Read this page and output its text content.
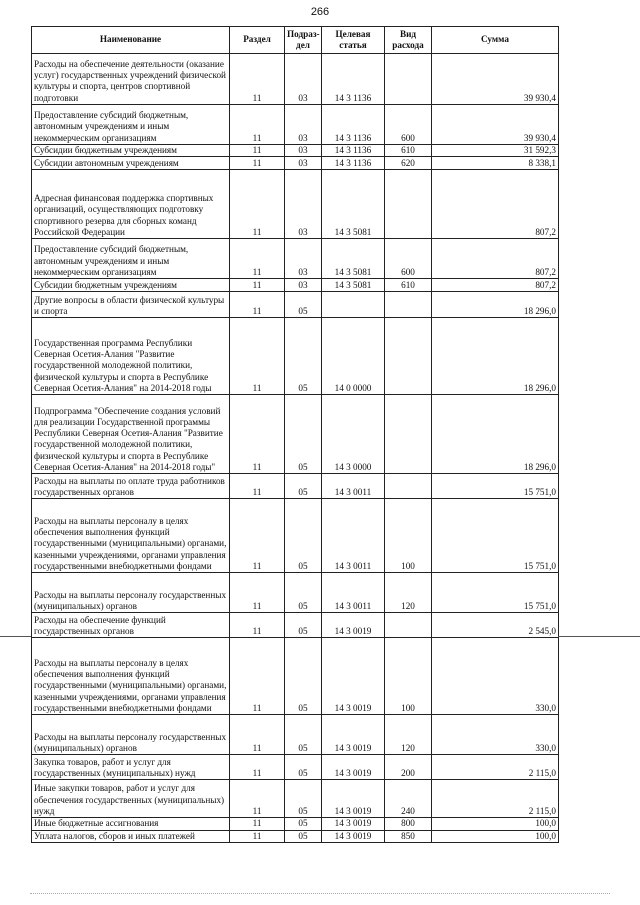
266
Наименование	Раздел	Подраз-дел	Целевая статья	Вид расхода	Сумма
Расходы на обеспечение деятельности (оказание услуг) государственных учреждений физической культуры и спорта, центров спортивной подготовки	11	03	14 3 1136		39 930,4
Предоставление субсидий бюджетным, автономным учреждениям и иным некоммерческим организациям	11	03	14 3 1136	600	39 930,4
Субсидии бюджетным учреждениям	11	03	14 3 1136	610	31 592,3
Субсидии автономным учреждениям	11	03	14 3 1136	620	8 338,1
Адресная финансовая поддержка спортивных организаций, осуществляющих подготовку спортивного резерва для сборных команд Российской Федерации	11	03	14 3 5081		807,2
Предоставление субсидий бюджетным, автономным учреждениям и иным некоммерческим организациям	11	03	14 3 5081	600	807,2
Субсидии бюджетным учреждениям	11	03	14 3 5081	610	807,2
Другие вопросы в области физической культуры и спорта	11	05			18 296,0
Государственная программа Республики Северная Осетия-Алания "Развитие государственной молодежной политики, физической культуры и спорта в Республике Северная Осетия-Алания" на 2014-2018 годы	11	05	14 0 0000		18 296,0
Подпрограмма "Обеспечение создания условий для реализации Государственной программы Республики Северная Осетия-Алания "Развитие государственной молодежной политики, физической культуры и спорта в Республике Северная Осетия-Алания" на 2014-2018 годы"	11	05	14 3 0000		18 296,0
Расходы на выплаты по оплате труда работников государственных органов	11	05	14 3 0011		15 751,0
Расходы на выплаты персоналу в целях обеспечения выполнения функций государственными (муниципальными) органами, казенными учреждениями, органами управления государственными внебюджетными фондами	11	05	14 3 0011	100	15 751,0
Расходы на выплаты персоналу государственных (муниципальных) органов	11	05	14 3 0011	120	15 751,0
Расходы на обеспечение функций государственных органов	11	05	14 3 0019		2 545,0
Расходы на выплаты персоналу в целях обеспечения выполнения функций государственными (муниципальными) органами, казенными учреждениями, органами управления государственными внебюджетными фондами	11	05	14 3 0019	100	330,0
Расходы на выплаты персоналу государственных (муниципальных) органов	11	05	14 3 0019	120	330,0
Закупка товаров, работ и услуг для государственных (муниципальных) нужд	11	05	14 3 0019	200	2 115,0
Иные закупки товаров, работ и услуг для обеспечения государственных (муниципальных) нужд	11	05	14 3 0019	240	2 115,0
Иные бюджетные ассигнования	11	05	14 3 0019	800	100,0
Уплата налогов, сборов и иных платежей	11	05	14 3 0019	850	100,0
